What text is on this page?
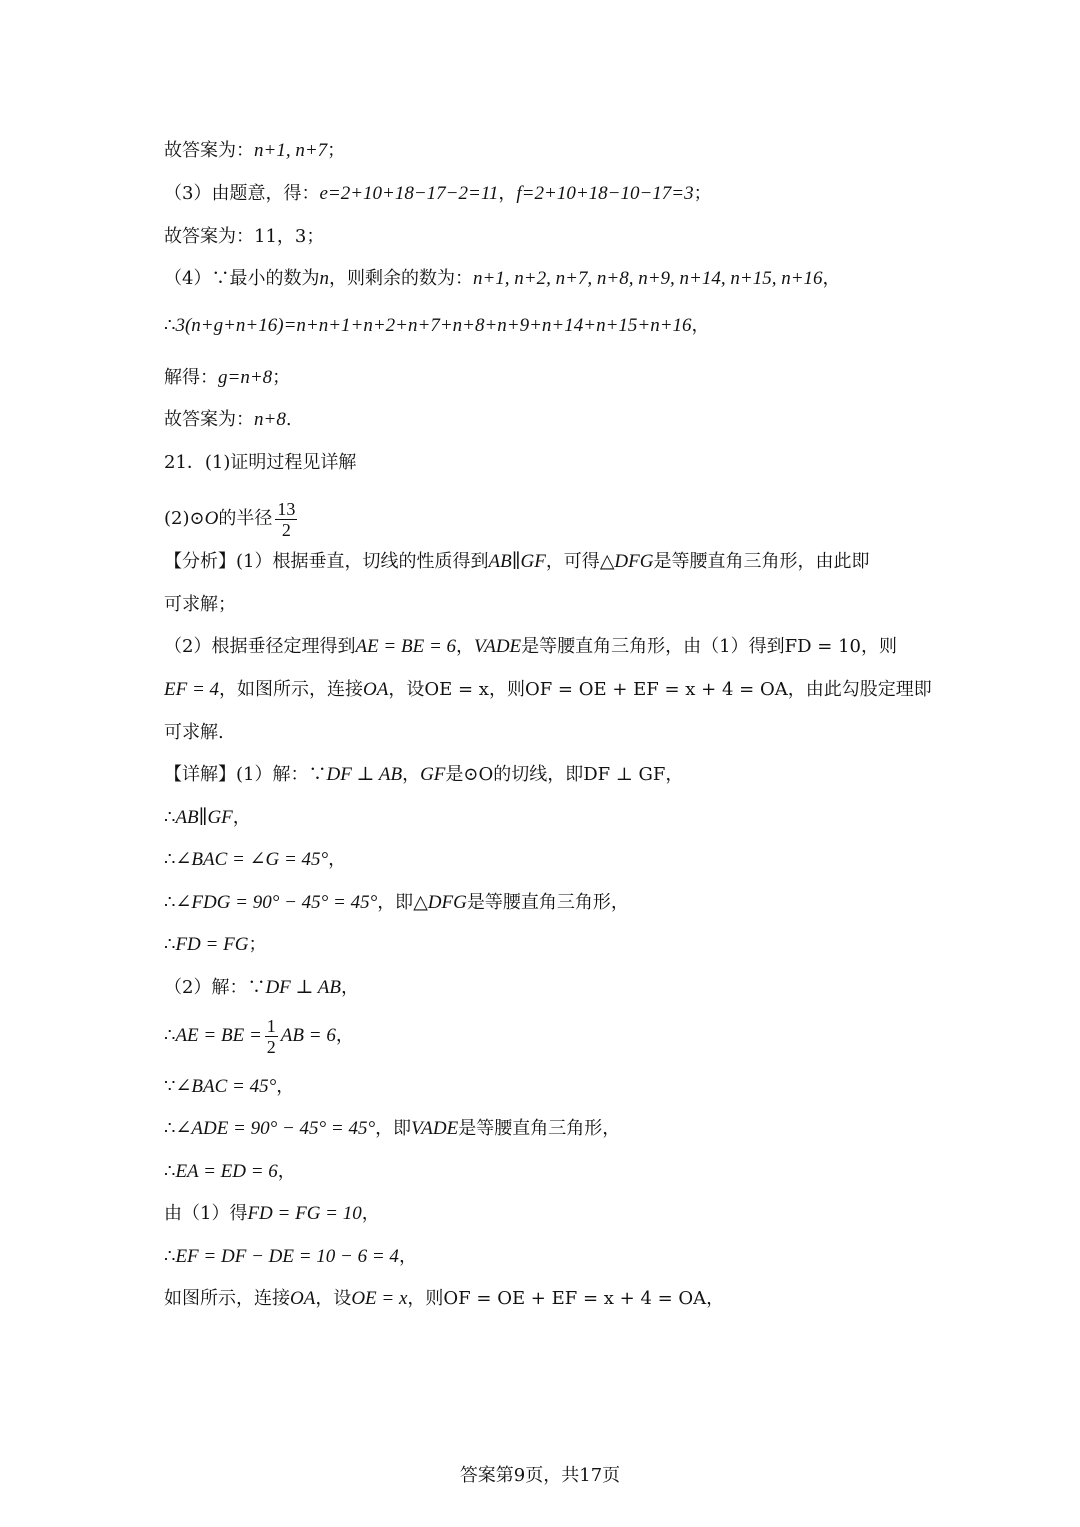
故答案为：n+1, n+7；
（3）由题意，得：e=2+10+18−17−2=11，f=2+10+18−10−17=3；
故答案为：11，3；
（4）∵最小的数为n，则剩余的数为：n+1, n+2, n+7, n+8, n+9, n+14, n+15, n+16，
∴3(n+g+n+16)=n+n+1+n+2+n+7+n+8+n+9+n+14+n+15+n+16，
解得：g=n+8；
故答案为：n+8.
21．(1)证明过程见详解
【分析】(1）根据垂直，切线的性质得到AB∥GF，可得△DFG是等腰直角三角形，由此即
可求解；
（2）根据垂径定理得到AE = BE = 6，VADE是等腰直角三角形，由（1）得到FD = 10，则
EF = 4，如图所示，连接OA，设OE = x，则OF = OE + EF = x + 4 = OA，由此勾股定理即
可求解.
【详解】(1）解：∵DF ⊥ AB，GF是⊙O的切线，即DF ⊥ GF，
∴AB∥GF，
∴∠BAC = ∠G = 45°，
∴∠FDG = 90° − 45° = 45°，即△DFG是等腰直角三角形，
∴FD = FG；
（2）解：∵DF ⊥ AB，
∵∠BAC = 45°，
∴∠ADE = 90° − 45° = 45°，即VADE是等腰直角三角形，
∴EA = ED = 6，
由（1）得FD = FG = 10，
∴EF = DF − DE = 10 − 6 = 4，
如图所示，连接OA，设OE = x，则OF = OE + EF = x + 4 = OA，
(2)⊙O的半径 $\frac{13}{2}$
∴AE = BE = $\frac{1}{2}$ AB = 6，
答案第9页，共17页
